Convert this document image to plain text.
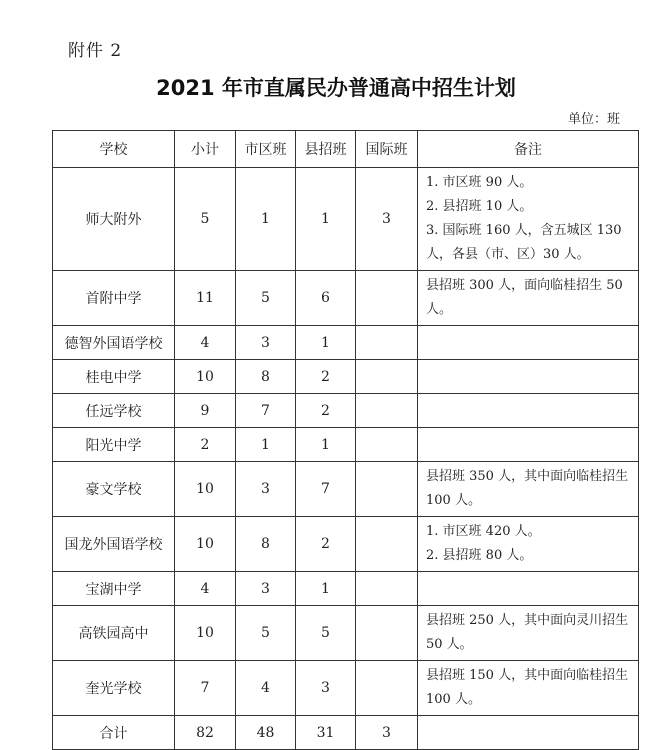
附件 2
2021 年市直属民办普通高中招生计划
单位：班
学校	小计	市区班	县招班	国际班	备注
师大附外	5	1	1	3	1. 市区班 90 人。
2. 县招班 10 人。
3. 国际班 160 人，含五城区 130 人，各县（市、区）30 人。

首附中学	11	5	6		县招班 300 人，面向临桂招生 50 人。

德智外国语学校	4	3	1		
桂电中学	10	8	2		
任远学校	9	7	2		
阳光中学	2	1	1		
豪文学校	10	3	7		县招班 350 人，其中面向临桂招生 100 人。

国龙外国语学校	10	8	2		1. 市区班 420 人。
2. 县招班 80 人。

宝湖中学	4	3	1		
高铁园高中	10	5	5		县招班 250 人，其中面向灵川招生 50 人。

奎光学校	7	4	3		县招班 150 人，其中面向临桂招生 100 人。

合计	82	48	31	3	
